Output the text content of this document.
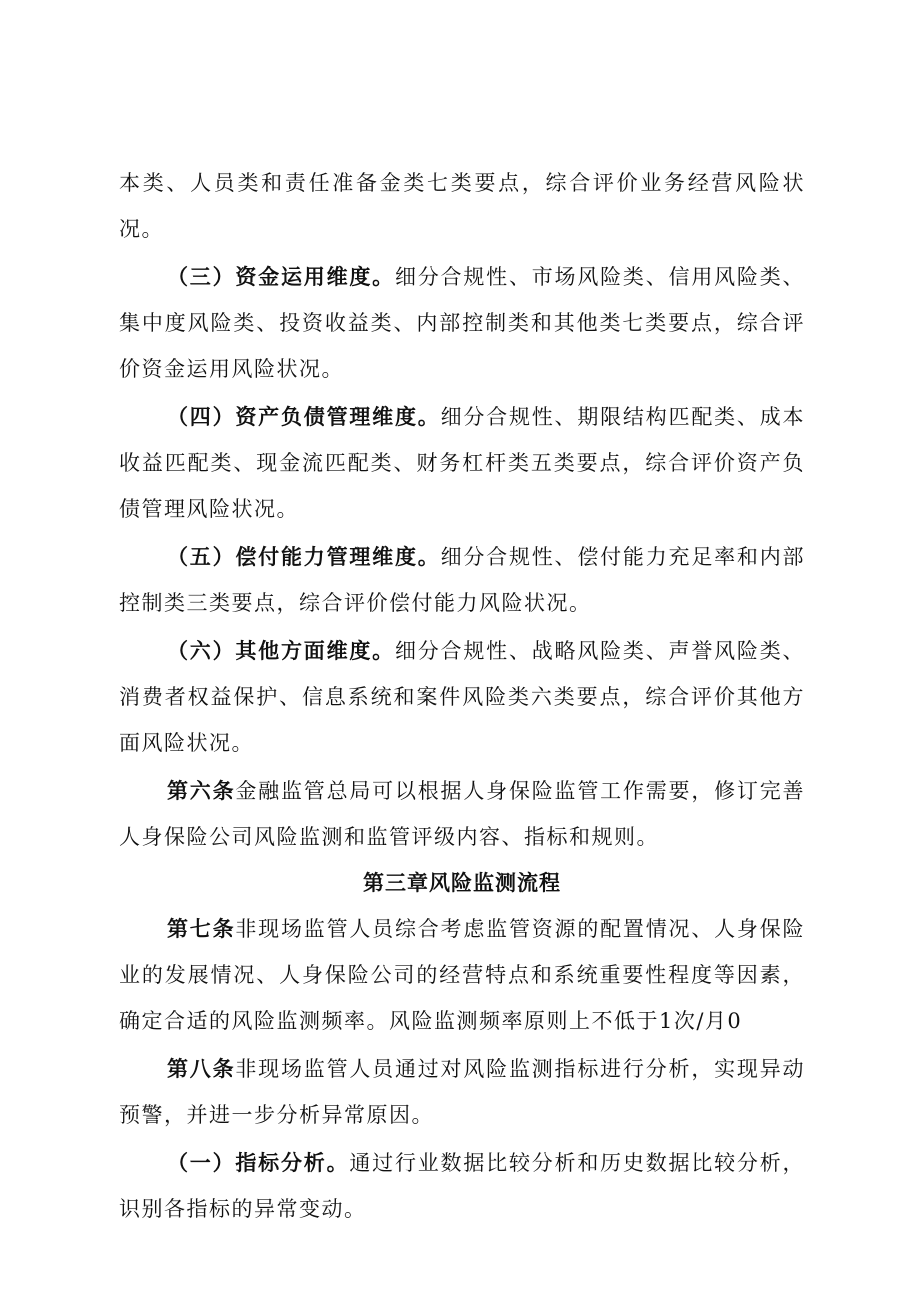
本类、人员类和责任准备金类七类要点，综合评价业务经营风险状况。

（三）资金运用维度。细分合规性、市场风险类、信用风险类、集中度风险类、投资收益类、内部控制类和其他类七类要点，综合评价资金运用风险状况。

（四）资产负债管理维度。细分合规性、期限结构匹配类、成本收益匹配类、现金流匹配类、财务杠杆类五类要点，综合评价资产负债管理风险状况。

（五）偿付能力管理维度。细分合规性、偿付能力充足率和内部控制类三类要点，综合评价偿付能力风险状况。

（六）其他方面维度。细分合规性、战略风险类、声誉风险类、消费者权益保护、信息系统和案件风险类六类要点，综合评价其他方面风险状况。

第六条金融监管总局可以根据人身保险监管工作需要，修订完善人身保险公司风险监测和监管评级内容、指标和规则。

第三章风险监测流程

第七条非现场监管人员综合考虑监管资源的配置情况、人身保险业的发展情况、人身保险公司的经营特点和系统重要性程度等因素，确定合适的风险监测频率。风险监测频率原则上不低于1次/月0

第八条非现场监管人员通过对风险监测指标进行分析，实现异动预警，并进一步分析异常原因。

（一）指标分析。通过行业数据比较分析和历史数据比较分析，识别各指标的异常变动。
